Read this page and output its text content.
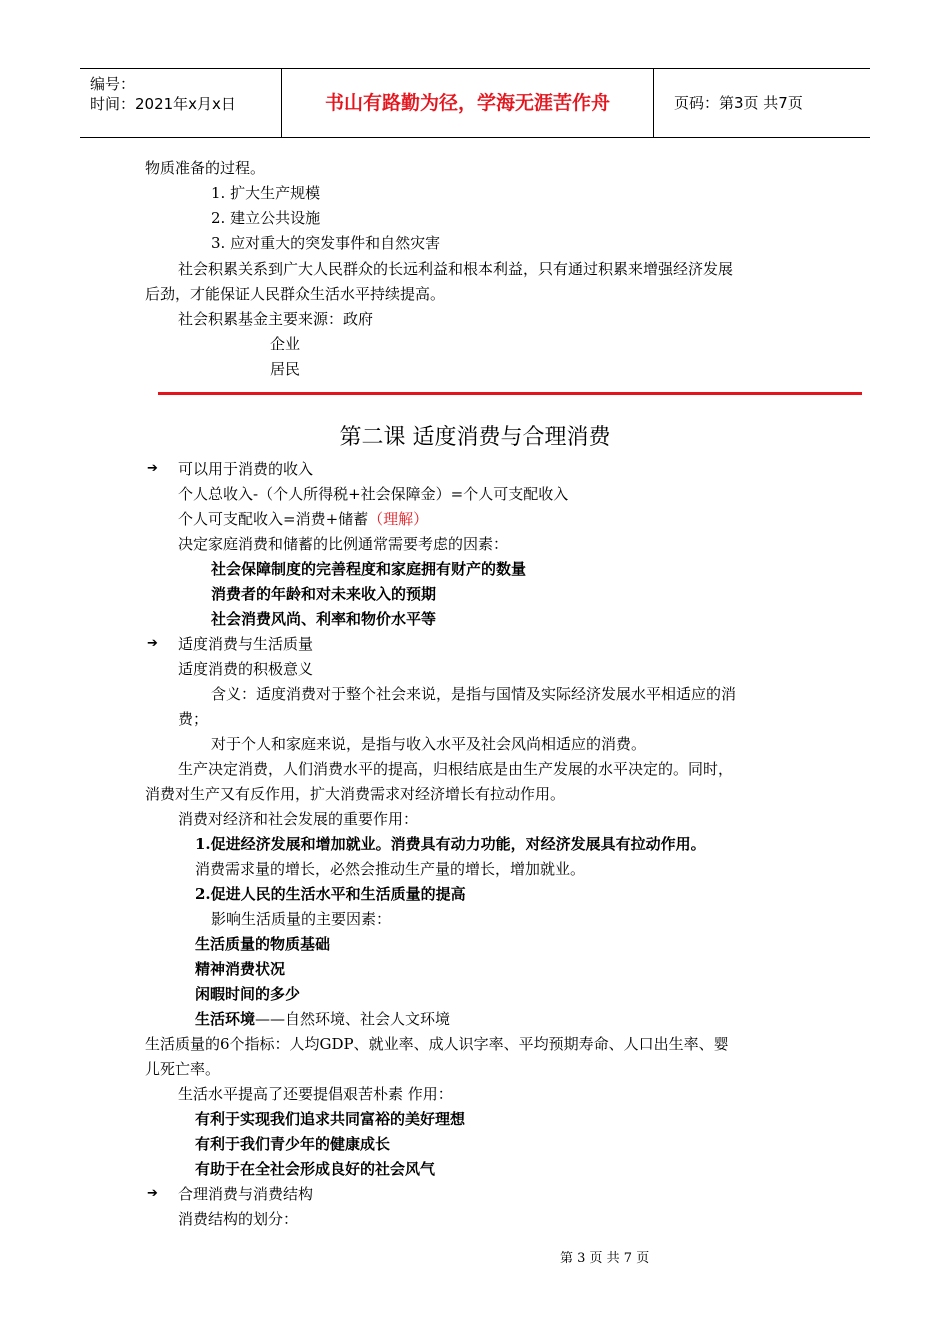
编号：
时间：2021年x月x日	书山有路勤为径，学海无涯苦作舟	页码：第3页 共7页
物质准备的过程。
1. 扩大生产规模
2. 建立公共设施
3. 应对重大的突发事件和自然灾害
社会积累关系到广大人民群众的长远利益和根本利益，只有通过积累来增强经济发展
后劲，才能保证人民群众生活水平持续提高。
社会积累基金主要来源：政府
企业
居民
第二课 适度消费与合理消费
➔ 可以用于消费的收入
个人总收入-（个人所得税+社会保障金）=个人可支配收入
个人可支配收入=消费+储蓄（理解）
决定家庭消费和储蓄的比例通常需要考虑的因素：
社会保障制度的完善程度和家庭拥有财产的数量
消费者的年龄和对未来收入的预期
社会消费风尚、利率和物价水平等
➔ 适度消费与生活质量
适度消费的积极意义
含义：适度消费对于整个社会来说，是指与国情及实际经济发展水平相适应的消
费；
对于个人和家庭来说，是指与收入水平及社会风尚相适应的消费。
生产决定消费，人们消费水平的提高，归根结底是由生产发展的水平决定的。同时，
消费对生产又有反作用，扩大消费需求对经济增长有拉动作用。
消费对经济和社会发展的重要作用：
1.促进经济发展和增加就业。消费具有动力功能，对经济发展具有拉动作用。
消费需求量的增长，必然会推动生产量的增长，增加就业。
2.促进人民的生活水平和生活质量的提高
影响生活质量的主要因素：
生活质量的物质基础
精神消费状况
闲暇时间的多少
生活环境——自然环境、社会人文环境
生活质量的6个指标：人均GDP、就业率、成人识字率、平均预期寿命、人口出生率、婴
儿死亡率。
生活水平提高了还要提倡艰苦朴素 作用：
有利于实现我们追求共同富裕的美好理想
有利于我们青少年的健康成长
有助于在全社会形成良好的社会风气
➔ 合理消费与消费结构
消费结构的划分：
第 3 页 共 7 页
